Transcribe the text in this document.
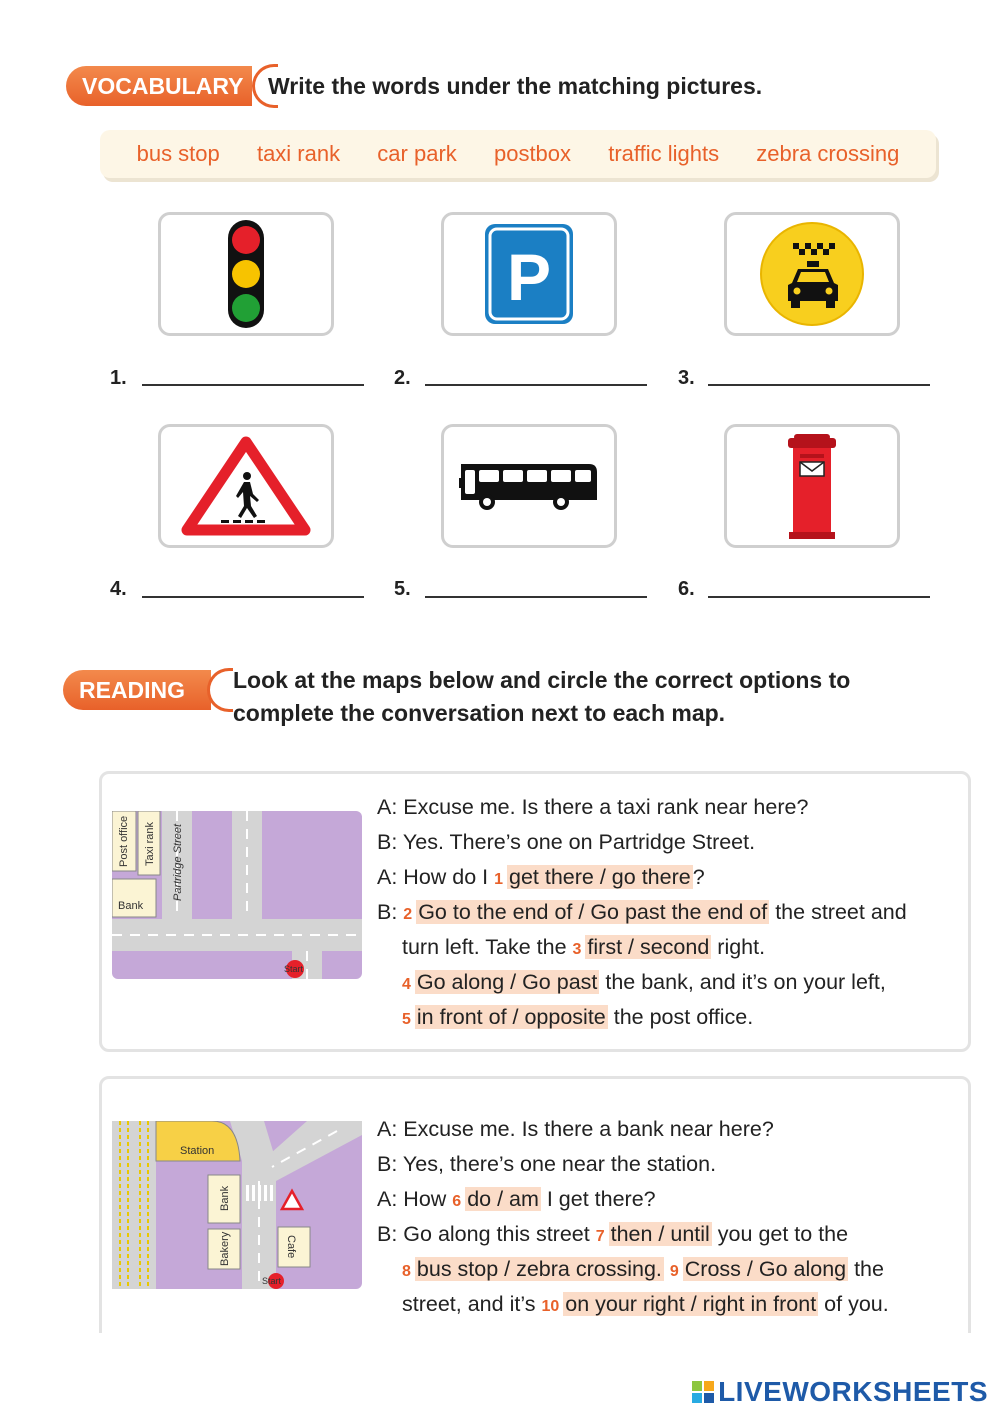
VOCABULARY	Write the words under the matching pictures.
bus stop taxi rank car park postbox traffic lights zebra crossing
P
1.	2.	3.
4.	5.	6.
READING	Look at the maps below and circle the correct options to
complete the conversation next to each map.
Post office Taxi rank Partridge Street
Bank
Start
A: Excuse me. Is there a taxi rank near here?
B: Yes. There’s one on Partridge Street.
A: How do I 1 get there / go there?
B: 2 Go to the end of / Go past the end of the street and
turn left. Take the 3 first / second right.
4 Go along / Go past the bank, and it’s on your left,
5 in front of / opposite the post office.
Station
Bank
Bakery	Cafe
Start
A: Excuse me. Is there a bank near here?
B: Yes, there’s one near the station.
A: How 6 do / am I get there?
B: Go along this street 7 then / until you get to the
8 bus stop / zebra crossing. 9 Cross / Go along the
street, and it’s 10 on your right / right in front of you.
LIVEWORKSHEETS
